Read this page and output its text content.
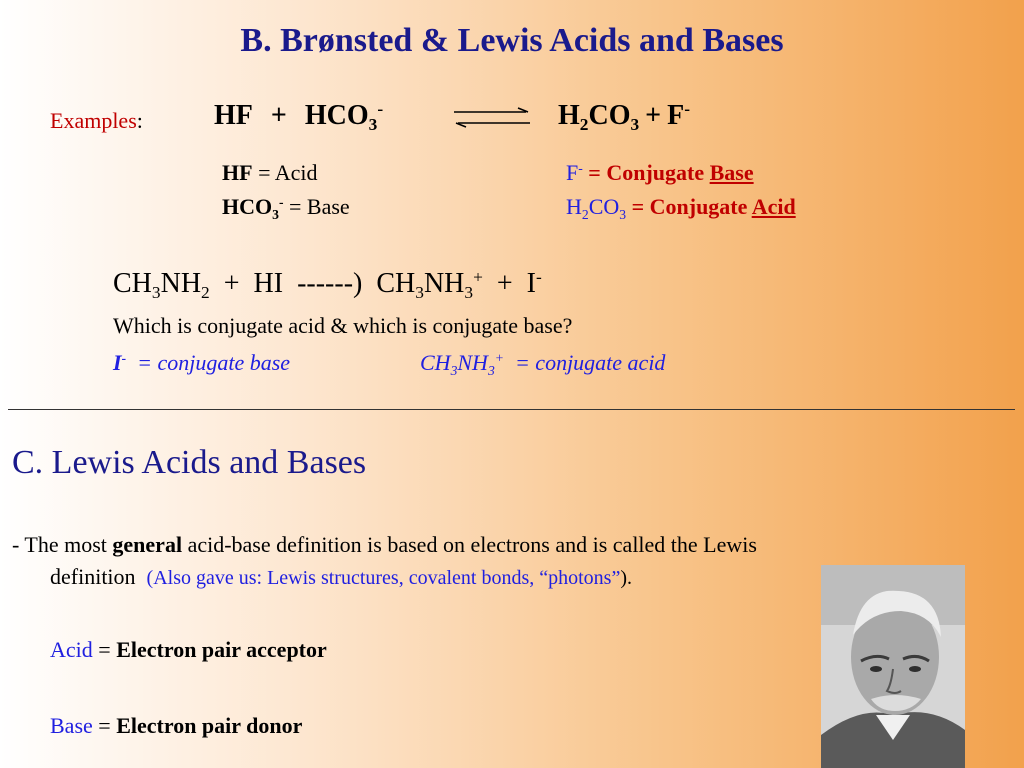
B. Brønsted & Lewis Acids and Bases
Examples:	HF + $HCO_3^-$	$H_2CO_3 + F^-$
HF = Acid
$HCO_3^-$ = Base
F- = Conjugate Base
$H_2CO_3$ = Conjugate Acid
$CH_3NH_2$  +  HI  ------)  $CH_3NH_3^+ + I^-$
Which is conjugate acid & which is conjugate base?
I-  = conjugate base	$CH_3NH_3^+$  = conjugate acid
C. Lewis Acids and Bases
- The most general acid-base definition is based on electrons and is called the Lewis
definition  (Also gave us: Lewis structures, covalent bonds, “photons”).
Acid = Electron pair acceptor
Base = Electron pair donor
